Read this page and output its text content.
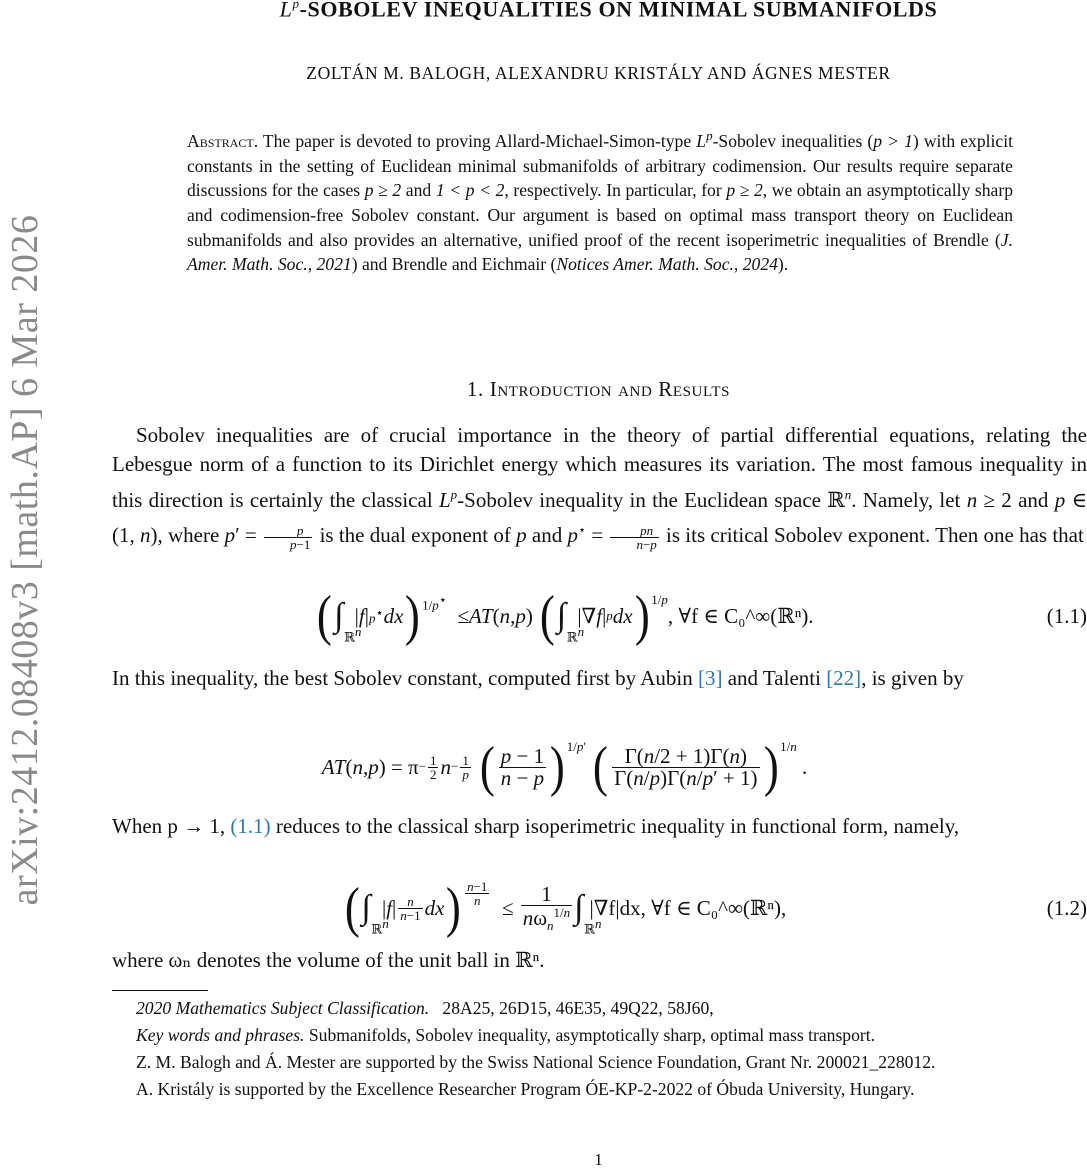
arXiv:2412.08408v3 [math.AP] 6 Mar 2026
$L^p$-SOBOLEV INEQUALITIES ON MINIMAL SUBMANIFOLDS
ZOLTÁN M. BALOGH, ALEXANDRU KRISTÁLY AND ÁGNES MESTER
Abstract. The paper is devoted to proving Allard-Michael-Simon-type $L^p$-Sobolev inequalities (p > 1) with explicit constants in the setting of Euclidean minimal submanifolds of arbitrary codimension. Our results require separate discussions for the cases p ≥ 2 and 1 < p < 2, respectively. In particular, for p ≥ 2, we obtain an asymptotically sharp and codimension-free Sobolev constant. Our argument is based on optimal mass transport theory on Euclidean submanifolds and also provides an alternative, unified proof of the recent isoperimetric inequalities of Brendle (J. Amer. Math. Soc., 2021) and Brendle and Eichmair (Notices Amer. Math. Soc., 2024).
1. Introduction and Results

Sobolev inequalities are of crucial importance in the theory of partial differential equations, relating the Lebesgue norm of a function to its Dirichlet energy which measures its variation. The most famous inequality in this direction is certainly the classical $L^p$-Sobolev inequality in the Euclidean space ℝ$^n$. Namely, let n ≥ 2 and p ∈ (1, n), where $p' = \frac{p}{p-1}$ is the dual exponent of p and $p^⋆ = \frac{pn}{n-p}$ is its critical Sobolev exponent. Then one has that

( ∫
ℝ$^n$
| f | p⋆ dx )$^{1/p^⋆}$
≤ AT ( n , p ) ( ∫
ℝ$^n$
|∇ f | p dx )$^{1/p}$
, ∀f ∈ C₀^∞(ℝⁿ).	(1.1)

In this inequality, the best Sobolev constant, computed first by Aubin [3] and Talenti [22], is given by

AT ( n , p ) = $\pi - \frac{1}{2}$ $n - \frac{1}{p}$
( $\frac{p - 1}{n - p} )^{1/p'}$
( $\frac{\Gamma(n/2 + 1)\Gamma(n)}{\Gamma(n/p)\Gamma(n/p' + 1)} )^{1/n}$
.

When p → 1, (1.1) reduces to the classical sharp isoperimetric inequality in functional form, namely,

( ∫
ℝ$^n$
| f | $\frac{n}{n-1}$ dx ) $\frac{n-1}{n}$
≤ $\frac{1}{n\omega_n^{1/n}}$ ∫
ℝ$^n$
|∇f|dx, ∀f ∈ C₀^∞(ℝⁿ),	(1.2)

where ωₙ denotes the volume of the unit ball in ℝⁿ.

2020 Mathematics Subject Classification. 28A25, 26D15, 46E35, 49Q22, 58J60,

Key words and phrases. Submanifolds, Sobolev inequality, asymptotically sharp, optimal mass transport.

Z. M. Balogh and Á. Mester are supported by the Swiss National Science Foundation, Grant Nr. 200021_228012.

A. Kristály is supported by the Excellence Researcher Program ÓE-KP-2-2022 of Óbuda University, Hungary.

1
